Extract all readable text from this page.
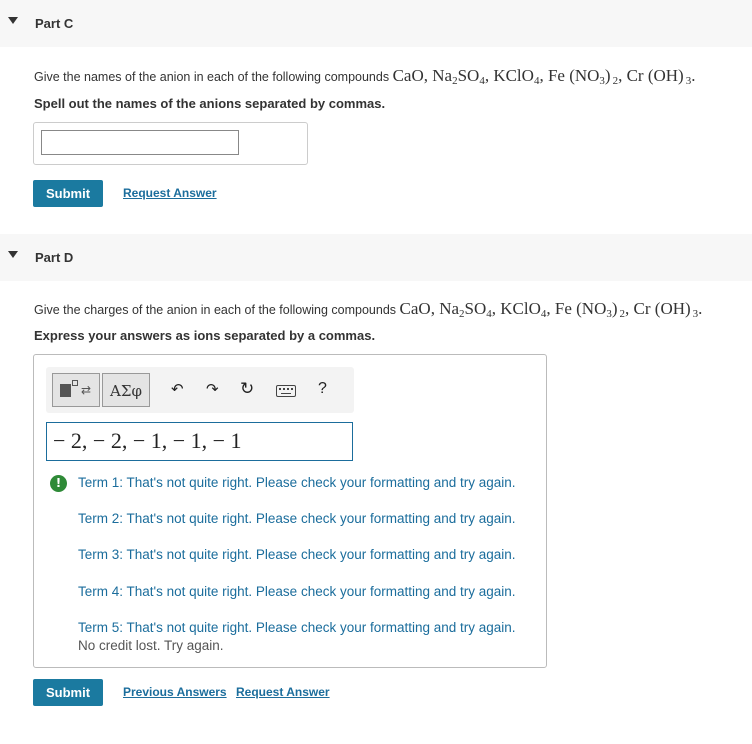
Part C
Give the names of the anion in each of the following compounds CaO, $Na_2SO_4$, KClO$_4$, Fe $(NO_3)$ 2, Cr (OH) 3.
Spell out the names of the anions separated by commas.
Submit	Request Answer
Part D
Give the charges of the anion in each of the following compounds CaO, $Na_2SO_4$, KClO$_4$, Fe $(NO_3)$ 2, Cr (OH) 3.
Express your answers as ions separated by a commas.
⇄	ΑΣφ	↶ ↷ ↻	?
− 2, − 2, − 1, − 1, − 1
!	Term 1: That's not quite right. Please check your formatting and try again.
Term 2: That's not quite right. Please check your formatting and try again.
Term 3: That's not quite right. Please check your formatting and try again.
Term 4: That's not quite right. Please check your formatting and try again.
Term 5: That's not quite right. Please check your formatting and try again.
No credit lost. Try again.
Submit	Previous Answers Request Answer
